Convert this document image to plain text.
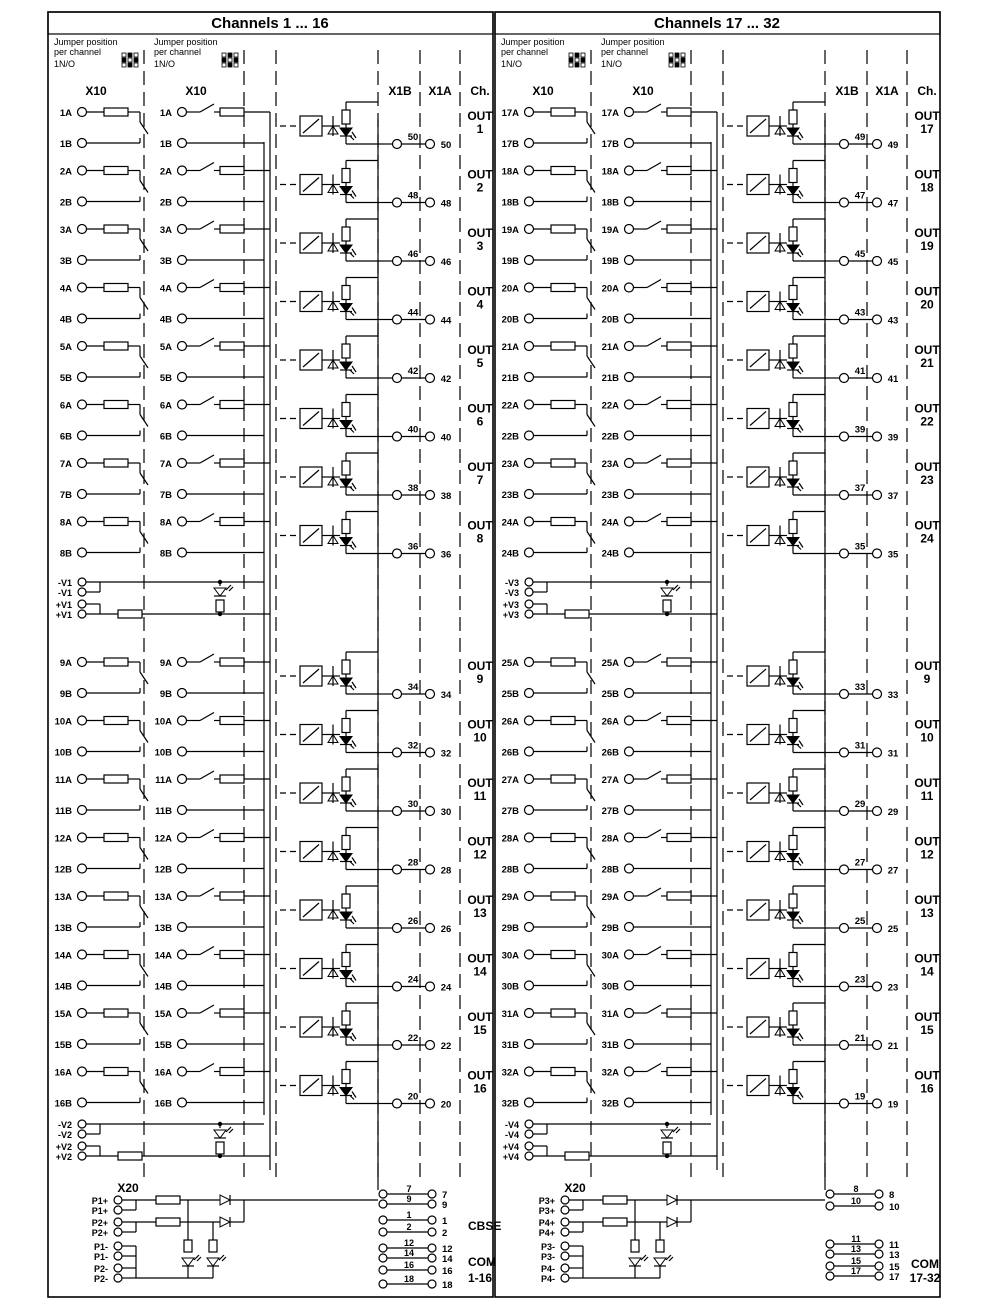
Channels 1 ... 16
Jumper position
per channel
1N/O
Jumper position
per channel
1N/O
X10	X10	X1B X1A Ch.
1A
1B
1A
1B
50
50
OUT
1
2A
2B
2A
2B
48
48
OUT
2
3A
3B
3A
3B
46
46
OUT
3
4A
4B
4A
4B
44
44
OUT
4
5A
5B
5A
5B
42
42
OUT
5
6A
6B
6A
6B
40
40
OUT
6
7A
7B
7A
7B
38
38
OUT
7
8A
8B
8A
8B
36
36
OUT
8
9A
9B
9A
9B
34
34
OUT
9
10A
10B
10A
10B
32
32
OUT
10
11A
11B
11A
11B
30
30
OUT
11
12A
12B
12A
12B
28
28
OUT
12
13A
13B
13A
13B
26
26
OUT
13
14A
14B
14A
14B
24
24
OUT
14
15A
15B
15A
15B
22
22
OUT
15
16A
16B
16A
16B
20
20
OUT
16
-V1
-V1
+V1
+V1
-V2
-V2
+V2
+V2
X20
P1+
P1+
P2+
P2+
P1-
P1-
P2-
P2-
7
7
9
9
1
1
2
2
12
12
14
14
16
16
18
18
CBSE
COM
1-16
Channels 17 ... 32
Jumper position
per channel
1N/O
Jumper position
per channel
1N/O
X10	X10	X1B X1A Ch.
17A
17B
17A
17B
49
49
OUT
17
18A
18B
18A
18B
47
47
OUT
18
19A
19B
19A
19B
45
45
OUT
19
20A
20B
20A
20B
43
43
OUT
20
21A
21B
21A
21B
41
41
OUT
21
22A
22B
22A
22B
39
39
OUT
22
23A
23B
23A
23B
37
37
OUT
23
24A
24B
24A
24B
35
35
OUT
24
25A
25B
25A
25B
33
33
OUT
9
26A
26B
26A
26B
31
31
OUT
10
27A
27B
27A
27B
29
29
OUT
11
28A
28B
28A
28B
27
27
OUT
12
29A
29B
29A
29B
25
25
OUT
13
30A
30B
30A
30B
23
23
OUT
14
31A
31B
31A
31B
21
21
OUT
15
32A
32B
32A
32B
19
19
OUT
16
-V3
-V3
+V3
+V3
-V4
-V4
+V4
+V4
X20
P3+
P3+
P4+
P4+
P3-
P3-
P4-
P4-
8
8
10
10
11
11
13
13
15
15
17
17
COM
17-32
